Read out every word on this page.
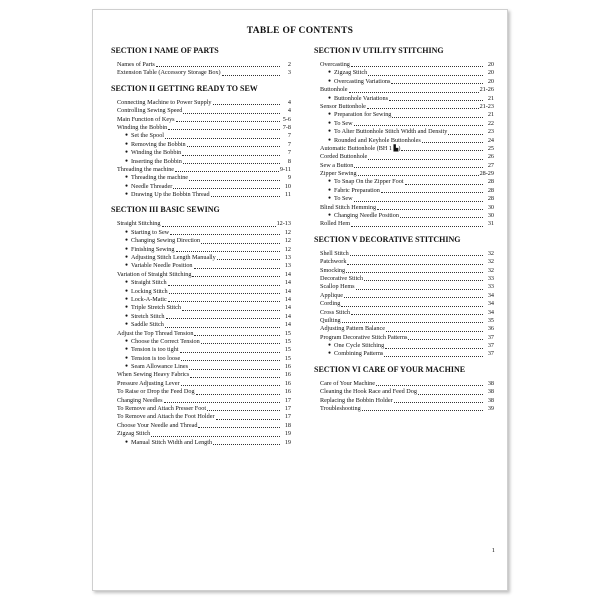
TABLE OF CONTENTS
SECTION I NAME OF PARTS
Names of Parts	2
Extension Table (Accessory Storage Box)	3
SECTION II GETTING READY TO SEW
Connecting Machine to Power Supply	4
Controlling Sewing Speed	4
Main Function of Keys	5-6
Winding the Bobbin	7-8
● Set the Spool	7
● Removing the Bobbin	7
● Winding the Bobbin	7
● Inserting the Bobbin	8
Threading the machine	9-11
● Threading the machine	9
● Needle Threader	10
● Drawing Up the Bobbin Thread	11
SECTION III BASIC SEWING
Straight Stitching	12-13
● Starting to Sew	12
● Changing Sewing Direction	12
● Finishing Sewing	12
● Adjusting Stitch Length Manually	13
● Variable Needle Position	13
Variation of Straight Stitching	14
● Straight Stitch	14
● Locking Stitch	14
● Lock-A-Matic	14
● Triple Stretch Stitch	14
● Stretch Stitch	14
● Saddle Stitch	14
Adjust the Top Thread Tension	15
● Choose the Correct Tension	15
● Tension is too tight	15
● Tension is too loose	15
● Seam Allowance Lines	16
When Sewing Heavy Fabrics	16
Pressure Adjusting Lever	16
To Raise or Drop the Feed Dog	16
Changing Needles	17
To Remove and Attach Presser Foot	17
To Remove and Attach the Foot Holder	17
Choose Your Needle and Thread	18
Zigzag Stitch	19
● Manual Stitch Width and Length	19
SECTION IV UTILITY STITCHING
Overcasting	20
● Zigzag Stitch	20
● Overcasting Variations	20
Buttonhole	21-26
● Buttonhole Variations	21
Sensor Buttonhole	21-23
● Preparation for Sewing	21
● To Sew	22
● To Alter Buttonhole Stitch Width and Density	23
● Rounded and Keyhole Buttonholes	24
Automatic Buttonhole (BH 1 ▙)	25
Corded Buttonhole	26
Sew a Button	27
Zipper Sewing	28-29
● To Snap On the Zipper Foot	28
● Fabric Preparation	28
● To Sew	28
Blind Stitch Hemming	30
● Changing Needle Position	30
Rolled Hem	31
SECTION V DECORATIVE STITCHING
Shell Stitch	32
Patchwork	32
Smocking	32
Decorative Stitch	33
Scallop Hems	33
Applique	34
Cording	34
Cross Stitch	34
Quilting	35
Adjusting Pattern Balance	36
Program Decorative Stitch Patterns	37
● One Cycle Stitching	37
● Combining Patterns	37
SECTION VI CARE OF YOUR MACHINE
Care of Your Machine	38
Cleaning the Hook Race and Feed Dog	38
Replacing the Bobbin Holder	38
Troubleshooting	39
1
